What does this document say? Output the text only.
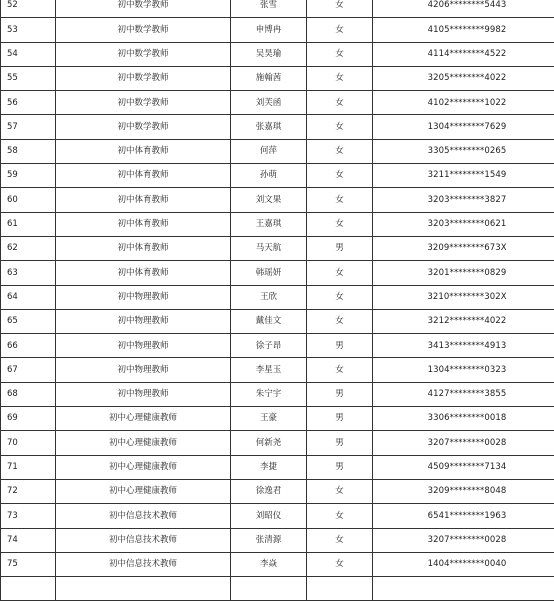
52	初中数学教师	张雪	女	4206********5443
53	初中数学教师	申博冉	女	4105********9982
54	初中数学教师	吴昊瑜	女	4114********4522
55	初中数学教师	施翰茜	女	3205********4022
56	初中数学教师	刘芙函	女	4102********1022
57	初中数学教师	张嘉琪	女	1304********7629
58	初中体育教师	何萍	女	3305********0265
59	初中体育教师	孙萌	女	3211********1549
60	初中体育教师	刘文果	女	3203********3827
61	初中体育教师	王嘉琪	女	3203********0621
62	初中体育教师	马天航	男	3209********673X
63	初中体育教师	韩瑶妍	女	3201********0829
64	初中物理教师	王欣	女	3210********302X
65	初中物理教师	戴佳文	女	3212********4022
66	初中物理教师	徐子昂	男	3413********4913
67	初中物理教师	李星玉	女	1304********0323
68	初中物理教师	朱宁宇	男	4127********3855
69	初中心理健康教师	王豪	男	3306********0018
70	初中心理健康教师	何新尧	男	3207********0028
71	初中心理健康教师	李捷	男	4509********7134
72	初中心理健康教师	徐逸君	女	3209********8048
73	初中信息技术教师	刘昭仪	女	6541********1963
74	初中信息技术教师	张清源	女	3207********0028
75	初中信息技术教师	李焱	女	1404********0040
